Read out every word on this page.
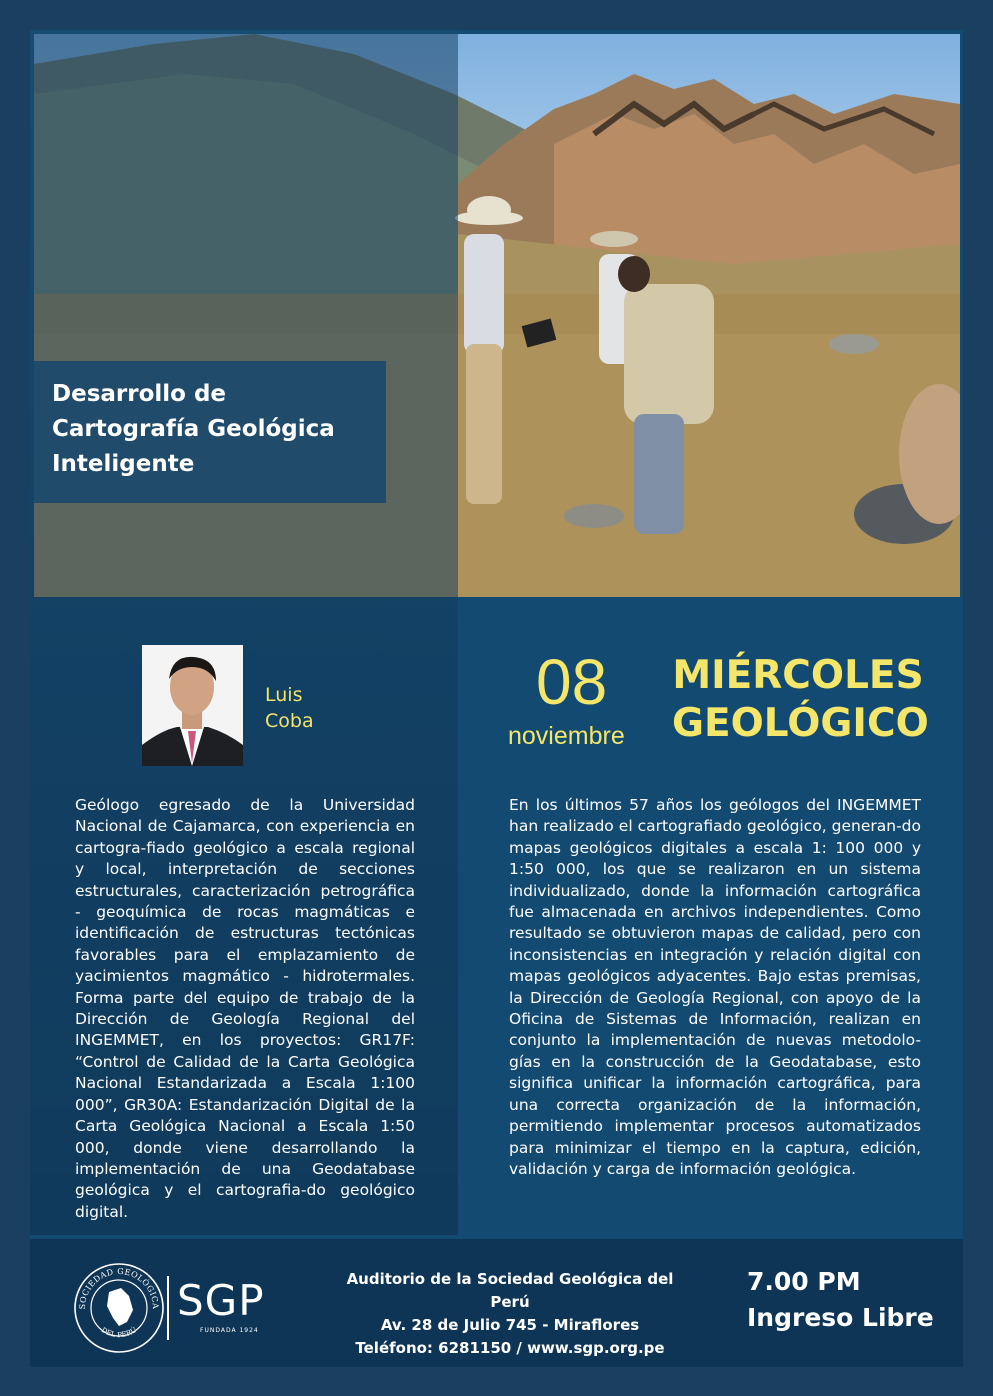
Desarrollo de
Cartografía Geológica
Inteligente
Luis
Coba
08
noviembre
MIÉRCOLES
GEOLÓGICO
Geólogo egresado de la Universidad Nacional de Cajamarca, con experiencia en cartogra-fiado geológico a escala regional y local, interpretación de secciones estructurales, caracterización petrográfica - geoquímica de rocas magmáticas e identificación de estructuras tectónicas favorables para el emplazamiento de yacimientos magmático - hidrotermales. Forma parte del equipo de trabajo de la Dirección de Geología Regional del INGEMMET, en los proyectos: GR17F: “Control de Calidad de la Carta Geológica Nacional Estandarizada a Escala 1:100 000”, GR30A: Estandarización Digital de la Carta Geológica Nacional a Escala 1:50 000, donde viene desarrollando la implementación de una Geodatabase geológica y el cartografia-do geológico digital.
En los últimos 57 años los geólogos del INGEMMET han realizado el cartografiado geológico, generan-do mapas geológicos digitales a escala 1: 100 000 y 1:50 000, los que se realizaron en un sistema individualizado, donde la información cartográfica fue almacenada en archivos independientes. Como resultado se obtuvieron mapas de calidad, pero con inconsistencias en integración y relación digital con mapas geológicos adyacentes. Bajo estas premisas, la Dirección de Geología Regional, con apoyo de la Oficina de Sistemas de Información, realizan en conjunto la implementación de nuevas metodolo-gías en la construcción de la Geodatabase, esto significa unificar la información cartográfica, para una correcta organización de la información, permitiendo implementar procesos automatizados para minimizar el tiempo en la captura, edición, validación y carga de información geológica.
SOCIEDAD GEOLÓGICA
DEL PERÚ
SGP
FUNDADA 1924
Auditorio de la Sociedad Geológica del Perú
Av. 28 de Julio 745 - Miraflores
Teléfono: 6281150 / www.sgp.org.pe
7.00 PM
Ingreso Libre
